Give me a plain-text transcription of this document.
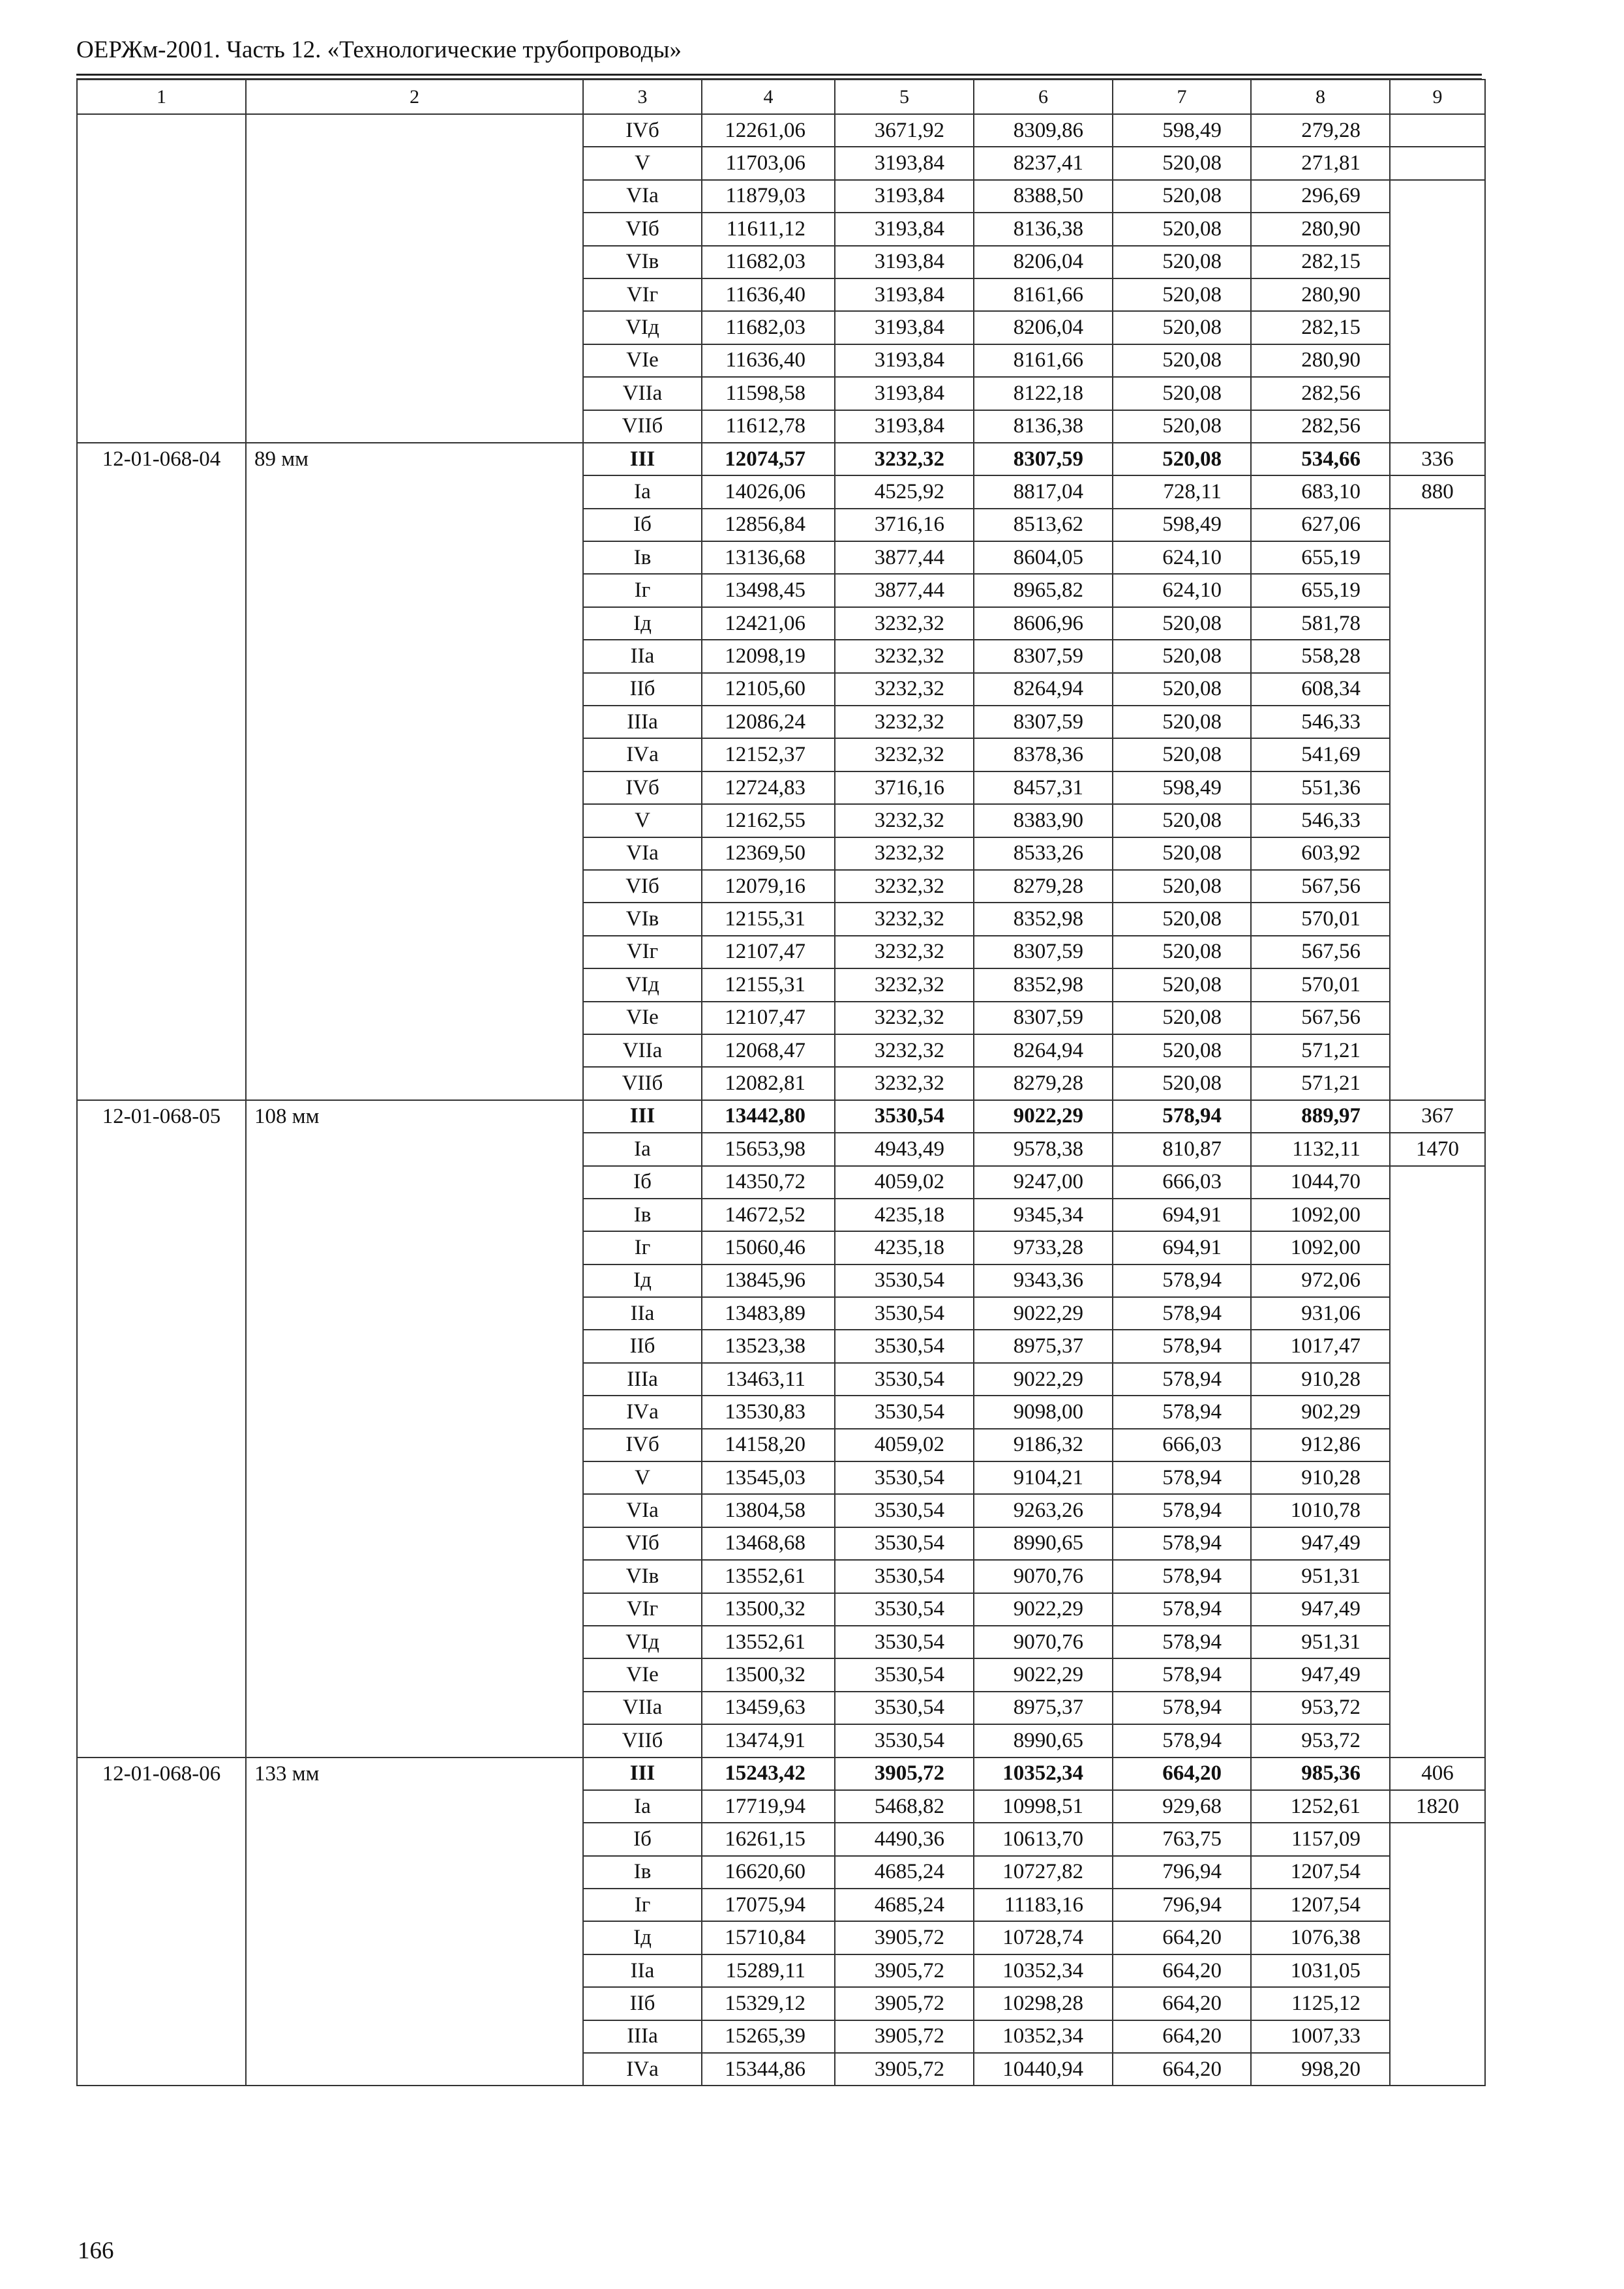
ОЕРЖм-2001. Часть 12. «Технологические трубопроводы»
1	2	3	4	5	6	7	8	9
		IVб	12261,06	3671,92	8309,86	598,49	279,28	
		V	11703,06	3193,84	8237,41	520,08	271,81	
		VIа	11879,03	3193,84	8388,50	520,08	296,69	
		VIб	11611,12	3193,84	8136,38	520,08	280,90	
		VIв	11682,03	3193,84	8206,04	520,08	282,15	
		VIг	11636,40	3193,84	8161,66	520,08	280,90	
		VIд	11682,03	3193,84	8206,04	520,08	282,15	
		VIе	11636,40	3193,84	8161,66	520,08	280,90	
		VIIа	11598,58	3193,84	8122,18	520,08	282,56	
		VIIб	11612,78	3193,84	8136,38	520,08	282,56	
12-01-068-04	89 мм	III	12074,57	3232,32	8307,59	520,08	534,66	336
		Iа	14026,06	4525,92	8817,04	728,11	683,10	880
		Iб	12856,84	3716,16	8513,62	598,49	627,06	
		Iв	13136,68	3877,44	8604,05	624,10	655,19	
		Iг	13498,45	3877,44	8965,82	624,10	655,19	
		Iд	12421,06	3232,32	8606,96	520,08	581,78	
		IIа	12098,19	3232,32	8307,59	520,08	558,28	
		IIб	12105,60	3232,32	8264,94	520,08	608,34	
		IIIа	12086,24	3232,32	8307,59	520,08	546,33	
		IVа	12152,37	3232,32	8378,36	520,08	541,69	
		IVб	12724,83	3716,16	8457,31	598,49	551,36	
		V	12162,55	3232,32	8383,90	520,08	546,33	
		VIа	12369,50	3232,32	8533,26	520,08	603,92	
		VIб	12079,16	3232,32	8279,28	520,08	567,56	
		VIв	12155,31	3232,32	8352,98	520,08	570,01	
		VIг	12107,47	3232,32	8307,59	520,08	567,56	
		VIд	12155,31	3232,32	8352,98	520,08	570,01	
		VIе	12107,47	3232,32	8307,59	520,08	567,56	
		VIIа	12068,47	3232,32	8264,94	520,08	571,21	
		VIIб	12082,81	3232,32	8279,28	520,08	571,21	
12-01-068-05	108 мм	III	13442,80	3530,54	9022,29	578,94	889,97	367
		Iа	15653,98	4943,49	9578,38	810,87	1132,11	1470
		Iб	14350,72	4059,02	9247,00	666,03	1044,70	
		Iв	14672,52	4235,18	9345,34	694,91	1092,00	
		Iг	15060,46	4235,18	9733,28	694,91	1092,00	
		Iд	13845,96	3530,54	9343,36	578,94	972,06	
		IIа	13483,89	3530,54	9022,29	578,94	931,06	
		IIб	13523,38	3530,54	8975,37	578,94	1017,47	
		IIIа	13463,11	3530,54	9022,29	578,94	910,28	
		IVа	13530,83	3530,54	9098,00	578,94	902,29	
		IVб	14158,20	4059,02	9186,32	666,03	912,86	
		V	13545,03	3530,54	9104,21	578,94	910,28	
		VIа	13804,58	3530,54	9263,26	578,94	1010,78	
		VIб	13468,68	3530,54	8990,65	578,94	947,49	
		VIв	13552,61	3530,54	9070,76	578,94	951,31	
		VIг	13500,32	3530,54	9022,29	578,94	947,49	
		VIд	13552,61	3530,54	9070,76	578,94	951,31	
		VIе	13500,32	3530,54	9022,29	578,94	947,49	
		VIIа	13459,63	3530,54	8975,37	578,94	953,72	
		VIIб	13474,91	3530,54	8990,65	578,94	953,72	
12-01-068-06	133 мм	III	15243,42	3905,72	10352,34	664,20	985,36	406
		Iа	17719,94	5468,82	10998,51	929,68	1252,61	1820
		Iб	16261,15	4490,36	10613,70	763,75	1157,09	
		Iв	16620,60	4685,24	10727,82	796,94	1207,54	
		Iг	17075,94	4685,24	11183,16	796,94	1207,54	
		Iд	15710,84	3905,72	10728,74	664,20	1076,38	
		IIа	15289,11	3905,72	10352,34	664,20	1031,05	
		IIб	15329,12	3905,72	10298,28	664,20	1125,12	
		IIIа	15265,39	3905,72	10352,34	664,20	1007,33	
		IVа	15344,86	3905,72	10440,94	664,20	998,20	
166
